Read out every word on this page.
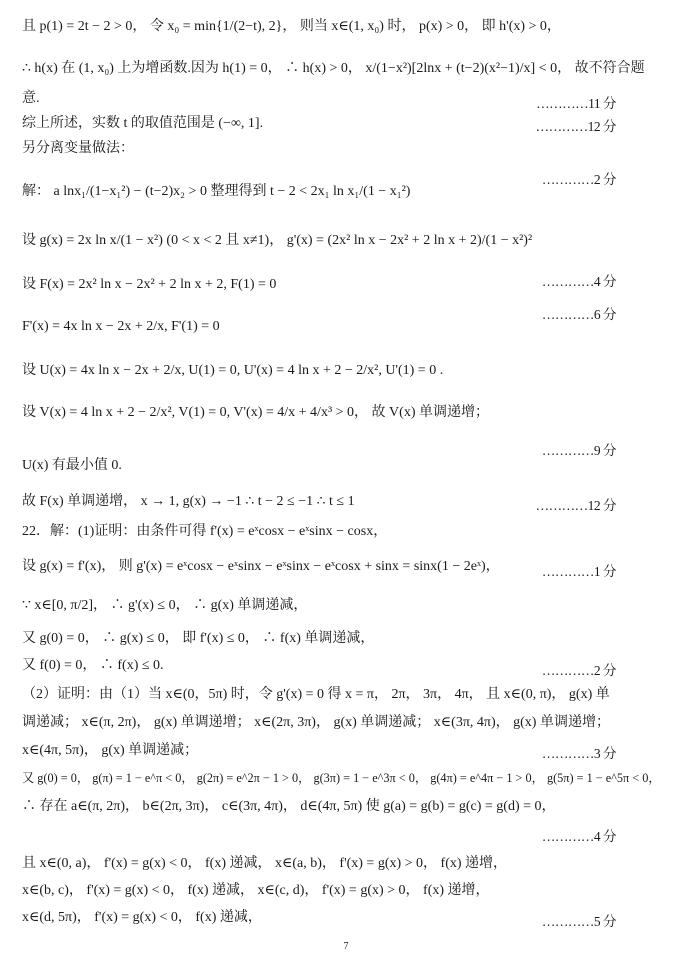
且 p(1) = 2t − 2 > 0， 令 x₀ = min{1/(2−t), 2}， 则当 x∈(1, x₀) 时， p(x) > 0， 即 h'(x) > 0，
∴ h(x) 在 (1, x₀) 上为增函数.因为 h(1) = 0， ∴ h(x) > 0， x/(1−x²)[2lnx + (t−2)(x²−1)/x] < 0， 故不符合题
意.	…………11 分
综上所述，实数 t 的取值范围是 (−∞, 1].	…………12 分
另分离变量做法：
…………2 分
解： a lnx₁/(1−x₁²) − (t−2)x₂ > 0 整理得到 t − 2 < 2x₁ ln x₁/(1 − x₁²)
设 g(x) = 2x ln x/(1 − x²) (0 < x < 2 且 x≠1)， g'(x) = (2x² ln x − 2x² + 2 ln x + 2)/(1 − x²)²
设 F(x) = 2x² ln x − 2x² + 2 ln x + 2, F(1) = 0	…………4 分
…………6 分
F'(x) = 4x ln x − 2x + 2/x, F'(1) = 0
设 U(x) = 4x ln x − 2x + 2/x, U(1) = 0, U'(x) = 4 ln x + 2 − 2/x², U'(1) = 0 .
设 V(x) = 4 ln x + 2 − 2/x², V(1) = 0, V'(x) = 4/x + 4/x³ > 0， 故 V(x) 单调递增；
…………9 分
U(x) 有最小值 0.
故 F(x) 单调递增， x → 1, g(x) → −1 ∴ t − 2 ≤ −1 ∴ t ≤ 1	…………12 分
22．解：(1)证明：由条件可得 f'(x) = eˣcosx − eˣsinx − cosx，
设 g(x) = f'(x)， 则 g'(x) = eˣcosx − eˣsinx − eˣsinx − eˣcosx + sinx = sinx(1 − 2eˣ)，	…………1 分
∵ x∈[0, π/2]， ∴ g'(x) ≤ 0， ∴ g(x) 单调递减，
又 g(0) = 0， ∴ g(x) ≤ 0， 即 f'(x) ≤ 0， ∴ f(x) 单调递减，
又 f(0) = 0， ∴ f(x) ≤ 0.	…………2 分
（2）证明：由（1）当 x∈(0，5π) 时，令 g'(x) = 0 得 x = π， 2π， 3π， 4π， 且 x∈(0, π)， g(x) 单
调递减； x∈(π, 2π)， g(x) 单调递增； x∈(2π, 3π)， g(x) 单调递减； x∈(3π, 4π)， g(x) 单调递增；
x∈(4π, 5π)， g(x) 单调递减；	…………3 分
又 g(0) = 0， g(π) = 1 − e^π < 0， g(2π) = e^2π − 1 > 0， g(3π) = 1 − e^3π < 0， g(4π) = e^4π − 1 > 0， g(5π) = 1 − e^5π < 0，
∴ 存在 a∈(π, 2π)， b∈(2π, 3π)， c∈(3π, 4π)， d∈(4π, 5π) 使 g(a) = g(b) = g(c) = g(d) = 0，
…………4 分
且 x∈(0, a)， f'(x) = g(x) < 0， f(x) 递减， x∈(a, b)， f'(x) = g(x) > 0， f(x) 递增，
x∈(b, c)， f'(x) = g(x) < 0， f(x) 递减， x∈(c, d)， f'(x) = g(x) > 0， f(x) 递增，
x∈(d, 5π)， f'(x) = g(x) < 0， f(x) 递减，	…………5 分
7
